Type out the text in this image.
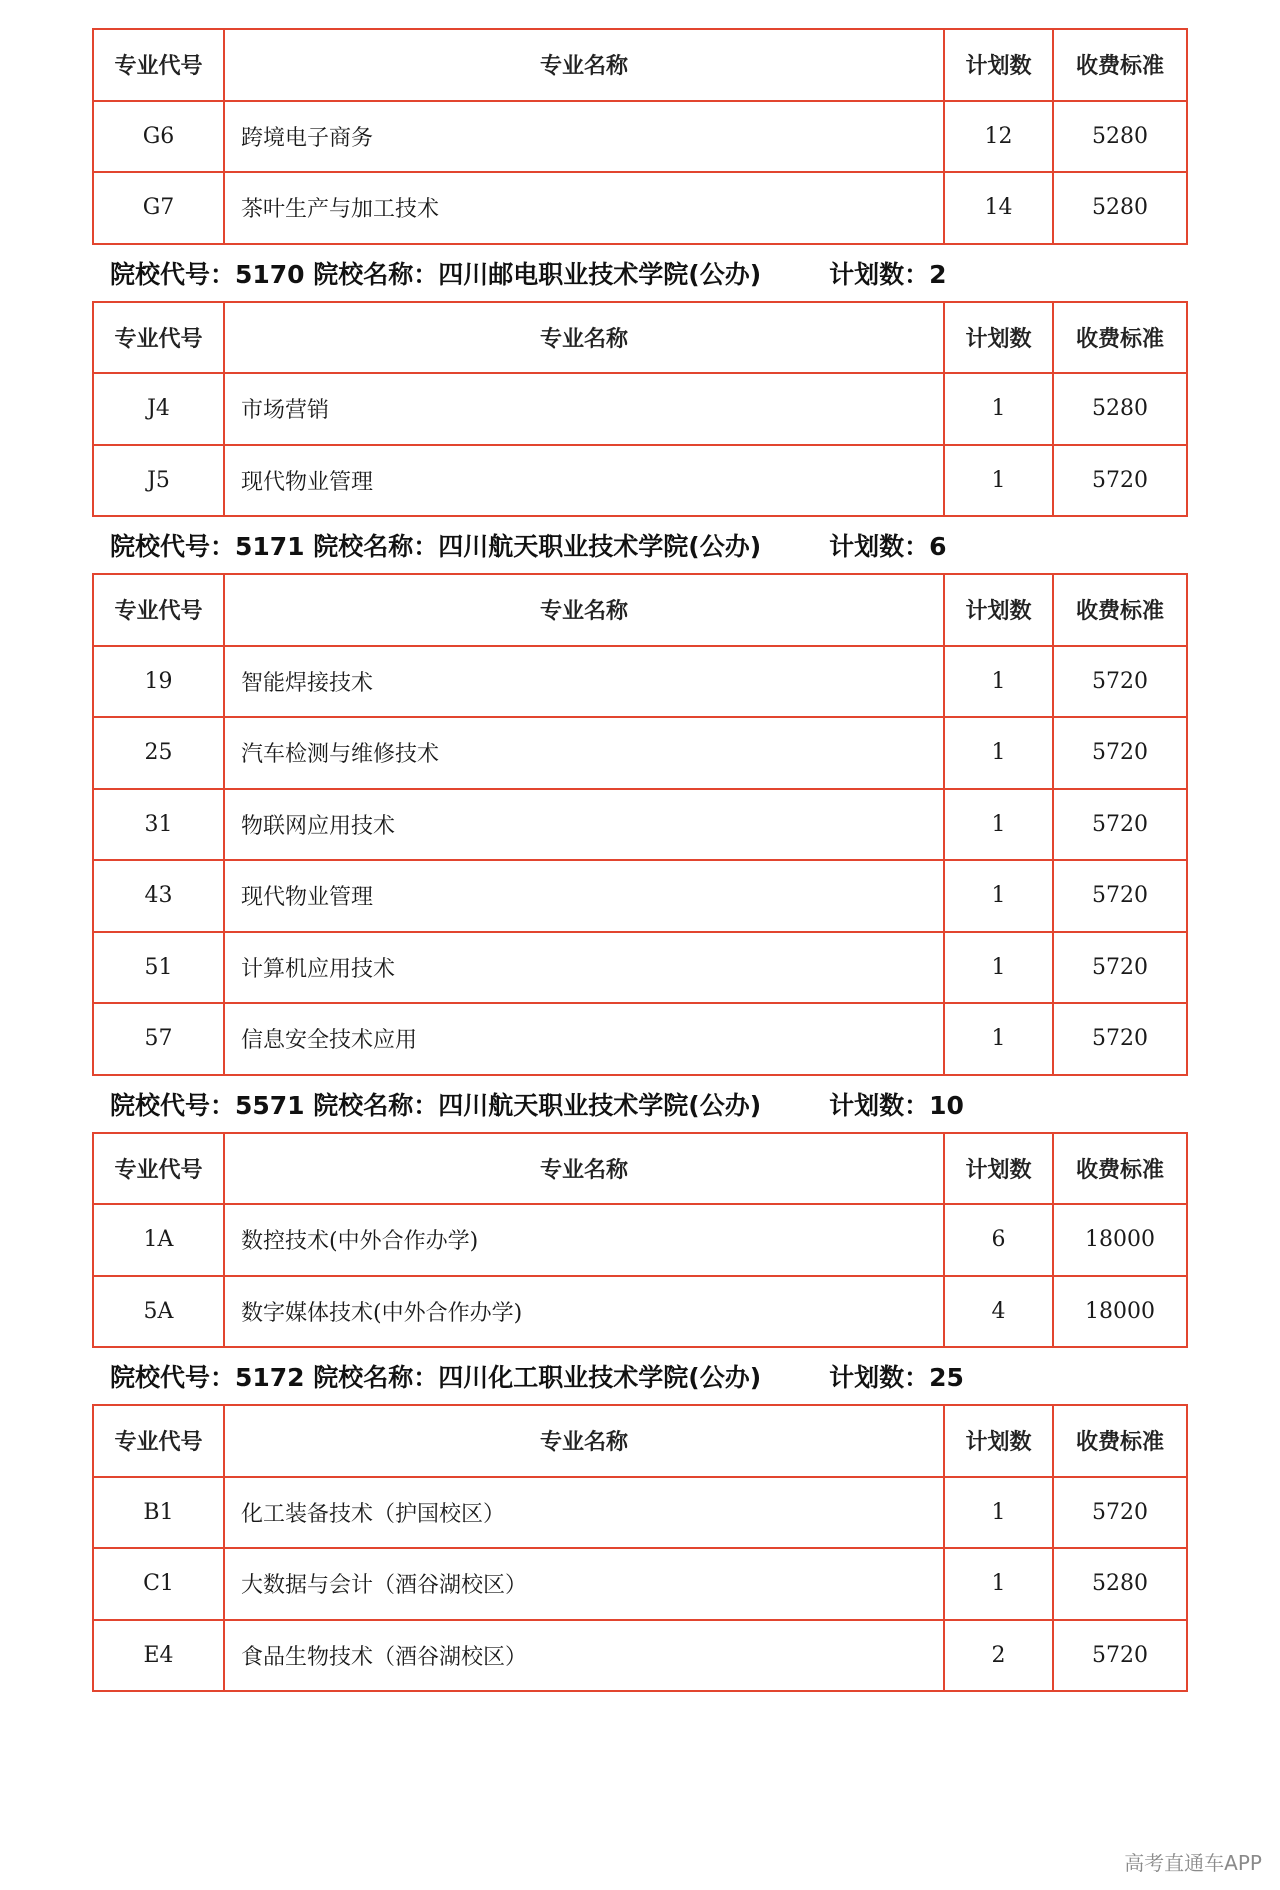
专业代号	专业名称	计划数	收费标准
G6	跨境电子商务	12	5280
G7	茶叶生产与加工技术	14	5280
院校代号：5170 院校名称：四川邮电职业技术学院(公办)	计划数：2
专业代号	专业名称	计划数	收费标准
J4	市场营销	1	5280
J5	现代物业管理	1	5720
院校代号：5171 院校名称：四川航天职业技术学院(公办)	计划数：6
专业代号	专业名称	计划数	收费标准
19	智能焊接技术	1	5720
25	汽车检测与维修技术	1	5720
31	物联网应用技术	1	5720
43	现代物业管理	1	5720
51	计算机应用技术	1	5720
57	信息安全技术应用	1	5720
院校代号：5571 院校名称：四川航天职业技术学院(公办)	计划数：10
专业代号	专业名称	计划数	收费标准
1A	数控技术(中外合作办学)	6	18000
5A	数字媒体技术(中外合作办学)	4	18000
院校代号：5172 院校名称：四川化工职业技术学院(公办)	计划数：25
专业代号	专业名称	计划数	收费标准
B1	化工装备技术（护国校区）	1	5720
C1	大数据与会计（酒谷湖校区）	1	5280
E4	食品生物技术（酒谷湖校区）	2	5720
高考直通车APP
